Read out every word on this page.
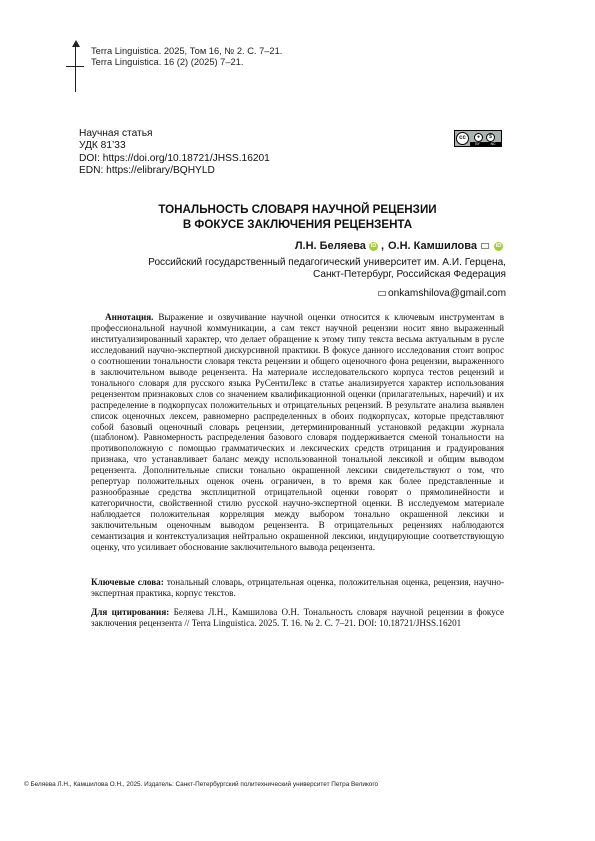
Terra Linguistica. 2025, Том 16, № 2. С. 7–21.
Terra Linguistica. 16 (2) (2025) 7–21.
Научная статья
УДК 81’33
DOI: https://doi.org/10.18721/JHSS.16201
EDN: https://elibrary/BQHYLD
cc	●	$
BY	NC
ТОНАЛЬНОСТЬ СЛОВАРЯ НАУЧНОЙ РЕЦЕНЗИИ
В ФОКУСЕ ЗАКЛЮЧЕНИЯ РЕЦЕНЗЕНТА
Л.Н. Беляева iD , О.Н. Камшилова	iD
Российский государственный педагогический университет им. А.И. Герцена,
Санкт-Петербург, Российская Федерация
onkamshilova@gmail.com

Аннотация. Выражение и озвучивание научной оценки относится к ключевым инструментам в профессиональной научной коммуникации, а сам текст научной рецензии носит явно выраженный институализированный характер, что делает обращение к этому типу текста весьма актуальным в русле исследований научно-экспертной дискурсивной практики. В фокусе данного исследования стоит вопрос о соотношении тональности словаря текста рецензии и общего оценочного фона рецензии, выраженного в заключительном выводе рецензента. На материале исследовательского корпуса тестов рецензий и тонального словаря для русского языка РуСентиЛекс в статье анализируется характер использования рецензентом признаковых слов со значением квалификационной оценки (прилагательных, наречий) и их распределение в подкорпусах положительных и отрицательных рецензий. В результате анализа выявлен список оценочных лексем, равномерно распределенных в обоих подкорпусах, которые представляют собой базовый оценочный словарь рецензии, детерминированный установкой редакции журнала (шаблоном). Равномерность распределения базового словаря поддерживается сменой тональности на противоположную с помощью грамматических и лексических средств отрицания и градуирования признака, что устанавливает баланс между использованной тональной лексикой и общим выводом рецензента. Дополнительные списки тонально окрашенной лексики свидетельствуют о том, что репертуар положительных оценок очень ограничен, в то время как более представленные и разнообразные средства эксплицитной отрицательной оценки говорят о прямолинейности и категоричности, свойственной стилю русской научно-экспертной оценки. В исследуемом материале наблюдается положительная корреляция между выбором тонально окрашенной лексики и заключительным оценочным выводом рецензента. В отрицательных рецензиях наблюдаются семантизация и контекстуализация нейтрально окрашенной лексики, индуцирующие соответствующую оценку, что усиливает обоснование заключительного вывода рецензента.

Ключевые слова: тональный словарь, отрицательная оценка, положительная оценка, рецензия, научно-экспертная практика, корпус текстов.
Для цитирования: Беляева Л.Н., Камшилова О.Н. Тональность словаря научной рецензии в фокусе заключения рецензента // Terra Linguistica. 2025. Т. 16. № 2. С. 7–21. DOI: 10.18721/JHSS.16201
© Беляева Л.Н., Камшилова О.Н., 2025. Издатель: Санкт-Петербургский политехнический университет Петра Великого
